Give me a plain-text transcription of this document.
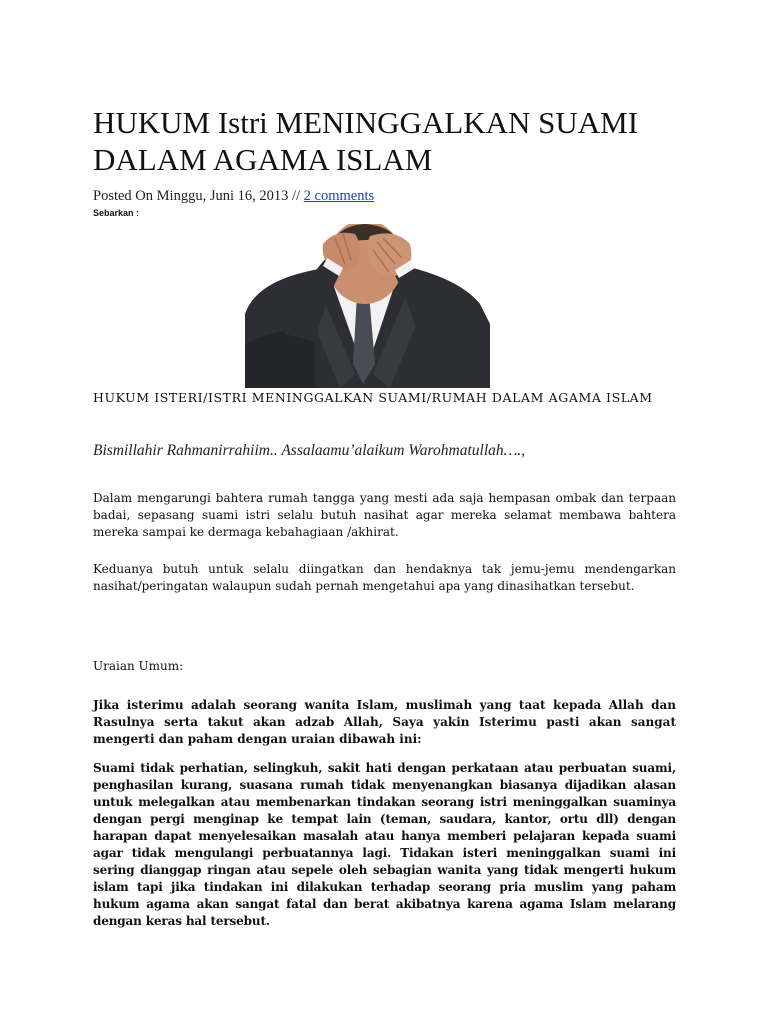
HUKUM Istri MENINGGALKAN SUAMI DALAM AGAMA ISLAM
Posted On Minggu, Juni 16, 2013 // 2 comments
Sebarkan :
HUKUM ISTERI/ISTRI MENINGGALKAN SUAMI/RUMAH DALAM AGAMA ISLAM
Bismillahir Rahmanirrahiim.. Assalaamu’alaikum Warohmatullah….,

Dalam mengarungi bahtera rumah tangga yang mesti ada saja hempasan ombak dan terpaan badai, sepasang suami istri selalu butuh nasihat agar mereka selamat membawa bahtera mereka sampai ke dermaga kebahagiaan /akhirat.

Keduanya butuh untuk selalu diingatkan dan hendaknya tak jemu-jemu mendengarkan nasihat/peringatan walaupun sudah pernah mengetahui apa yang dinasihatkan tersebut.

Uraian Umum:

Jika isterimu adalah seorang wanita Islam, muslimah yang taat kepada Allah dan Rasulnya serta takut akan adzab Allah, Saya yakin Isterimu pasti akan sangat mengerti dan paham dengan uraian dibawah ini:

Suami tidak perhatian, selingkuh, sakit hati dengan perkataan atau perbuatan suami, penghasilan kurang, suasana rumah tidak menyenangkan biasanya dijadikan alasan untuk melegalkan atau membenarkan tindakan seorang istri meninggalkan suaminya dengan pergi menginap ke tempat lain (teman, saudara, kantor, ortu dll) dengan harapan dapat menyelesaikan masalah atau hanya memberi pelajaran kepada suami agar tidak mengulangi perbuatannya lagi. Tidakan isteri meninggalkan suami ini sering dianggap ringan atau sepele oleh sebagian wanita yang tidak mengerti hukum islam tapi jika tindakan ini dilakukan terhadap seorang pria muslim yang paham hukum agama akan sangat fatal dan berat akibatnya karena agama Islam melarang dengan keras hal tersebut.
